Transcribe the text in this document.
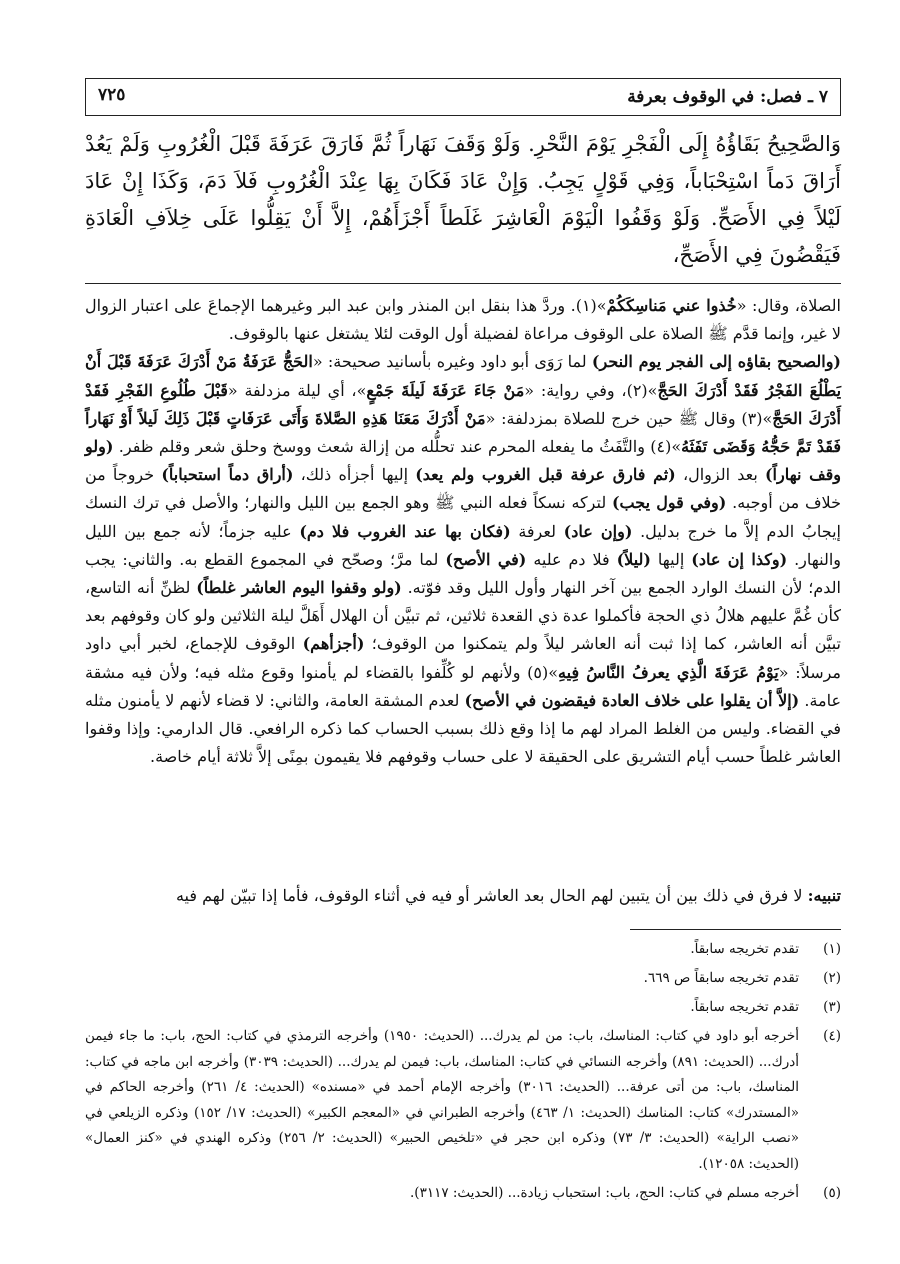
٧ ـ فصل: في الوقوف بعرفة
٧٢٥
وَالصَّحِيحُ بَقَاؤُهُ إِلَى الْفَجْرِ يَوْمَ النَّحْرِ. وَلَوْ وَقَفَ نَهَاراً ثُمَّ فَارَقَ عَرَفَةَ قَبْلَ الْغُرُوبِ وَلَمْ يَعُدْ أَرَاقَ دَماً اسْتِحْبَاباً، وَفِي قَوْلٍ يَجِبُ. وَإِنْ عَادَ فَكَانَ بِهَا عِنْدَ الْغُرُوبِ فَلاَ دَمَ، وَكَذَا إِنْ عَادَ لَيْلاً فِي الأَصَحِّ. وَلَوْ وَقَفُوا الْيَوْمَ الْعَاشِرَ غَلَطاً أَجْزَأَهُمْ، إِلاَّ أَنْ يَقِلُّوا عَلَى خِلاَفِ الْعَادَةِ فَيَقْضُونَ فِي الأَصَحِّ،

الصلاة، وقال: «خُذوا عني مَناسِكَكُمْ»(١). وردَّ هذا بنقل ابن المنذر وابن عبد البر وغيرهما الإجماعَ على اعتبار الزوال لا غير، وإنما قدَّم ﷺ الصلاة على الوقوف مراعاة لفضيلة أول الوقت لئلا يشتغل عنها بالوقوف.

(والصحيح بقاؤه إلى الفجر يوم النحر) لما رَوَى أبو داود وغيره بأسانيد صحيحة: «الحَجُّ عَرَفَةُ مَنْ أَدْرَكَ عَرَفَةَ قَبْلَ أَنْ يَطْلُعَ الفَجْرُ فَقَدْ أَدْرَكَ الحَجَّ»(٢)، وفي رواية: «مَنْ جَاءَ عَرَفَةَ لَيلَةَ جَمْعٍ»، أي ليلة مزدلفة «قَبْلَ طُلُوعِ الفَجْرِ فَقَدْ أَدْرَكَ الحَجَّ»(٣) وقال ﷺ حين خرج للصلاة بمزدلفة: «مَنْ أَدْرَكَ مَعَنَا هَذِهِ الصَّلاةَ وَأَتَى عَرَفَاتٍ قَبْلَ ذَلِكَ لَيلاً أَوْ نَهَاراً فَقَدْ تَمَّ حَجُّهُ وَقَضَى تَفَثَهُ»(٤) والتَّفَثُ ما يفعله المحرم عند تحلُّله من إزالة شعث ووسخ وحلق شعر وقلم ظفر. (ولو وقف نهاراً) بعد الزوال، (ثم فارق عرفة قبل الغروب ولم يعد) إليها أجزأه ذلك، (أراق دماً استحباباً) خروجاً من خلاف من أوجبه. (وفي قول يجب) لتركه نسكاً فعله النبي ﷺ وهو الجمع بين الليل والنهار؛ والأصل في ترك النسك إيجابُ الدم إلاَّ ما خرج بدليل. (وإن عاد) لعرفة (فكان بها عند الغروب فلا دم) عليه جزماً؛ لأنه جمع بين الليل والنهار. (وكذا إن عاد) إليها (ليلاً) فلا دم عليه (في الأصح) لما مرَّ؛ وصحّح في المجموع القطع به. والثاني: يجب الدم؛ لأن النسك الوارد الجمع بين آخر النهار وأول الليل وقد فوّته. (ولو وقفوا اليوم العاشر غلطاً) لظنِّ أنه التاسع، كأن غُمَّ عليهم هلالُ ذي الحجة فأكملوا عدة ذي القعدة ثلاثين، ثم تبيَّن أن الهلال أَهَلَّ ليلة الثلاثين ولو كان وقوفهم بعد تبيَّن أنه العاشر، كما إذا ثبت أنه العاشر ليلاً ولم يتمكنوا من الوقوف؛ (أجزأهم) الوقوف للإجماع، لخبر أبي داود مرسلاً: «يَوْمُ عَرَفَةَ الَّذِي يعرفُ النَّاسُ فِيهِ»(٥) ولأنهم لو كُلِّفوا بالقضاء لم يأمنوا وقوع مثله فيه؛ ولأن فيه مشقة عامة. (إلاَّ أن يقلوا على خلاف العادة فيقضون في الأصح) لعدم المشقة العامة، والثاني: لا قضاء لأنهم لا يأمنون مثله في القضاء. وليس من الغلط المراد لهم ما إذا وقع ذلك بسبب الحساب كما ذكره الرافعي. قال الدارمي: وإذا وقفوا العاشر غلطاً حسب أيام التشريق على الحقيقة لا على حساب وقوفهم فلا يقيمون بمِنًى إلاَّ ثلاثة أيام خاصة.

تنبيه: لا فرق في ذلك بين أن يتبين لهم الحال بعد العاشر أو فيه في أثناء الوقوف، فأما إذا تبيّن لهم فيه
(١)
تقدم تخريجه سابقاً.
(٢)
تقدم تخريجه سابقاً ص ٦٦٩.
(٣)
تقدم تخريجه سابقاً.
(٤)
أخرجه أبو داود في كتاب: المناسك، باب: من لم يدرك... (الحديث: ١٩٥٠) وأخرجه الترمذي في كتاب: الحج، باب: ما جاء فيمن أدرك... (الحديث: ٨٩١) وأخرجه النسائي في كتاب: المناسك، باب: فيمن لم يدرك... (الحديث: ٣٠٣٩) وأخرجه ابن ماجه في كتاب: المناسك، باب: من أتى عرفة... (الحديث: ٣٠١٦) وأخرجه الإمام أحمد في «مسنده» (الحديث: ٤/ ٢٦١) وأخرجه الحاكم في «المستدرك» كتاب: المناسك (الحديث: ١/ ٤٦٣) وأخرجه الطبراني في «المعجم الكبير» (الحديث: ١٧/ ١٥٢) وذكره الزيلعي في «نصب الراية» (الحديث: ٣/ ٧٣) وذكره ابن حجر في «تلخيص الحبير» (الحديث: ٢/ ٢٥٦) وذكره الهندي في «كنز العمال» (الحديث: ١٢٠٥٨).
(٥)
أخرجه مسلم في كتاب: الحج، باب: استحباب زيادة... (الحديث: ٣١١٧).
